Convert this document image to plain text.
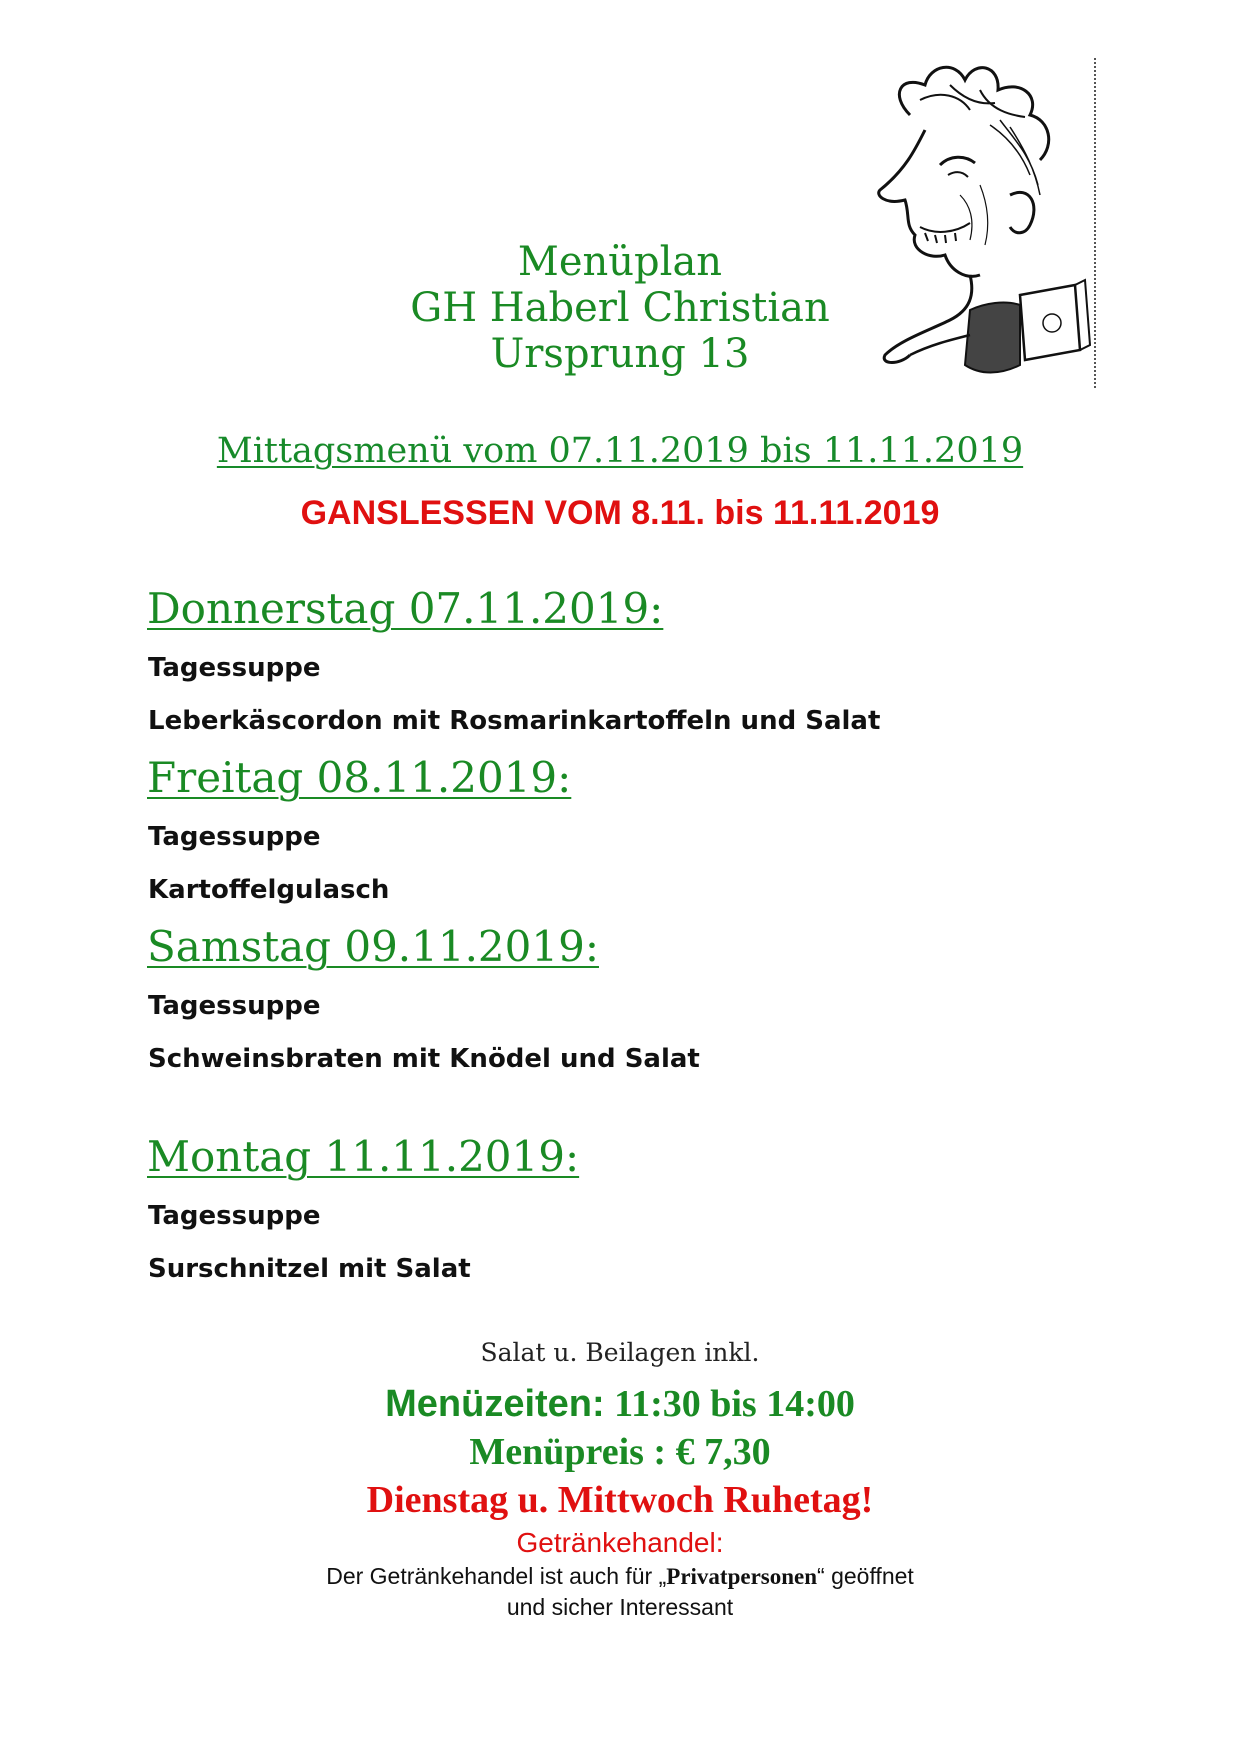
Menüplan
GH Haberl Christian
Ursprung 13
Mittagsmenü vom 07.11.2019 bis 11.11.2019
GANSLESSEN VOM 8.11. bis 11.11.2019
Donnerstag 07.11.2019:
Tagessuppe
Leberkäscordon mit Rosmarinkartoffeln und Salat
Freitag 08.11.2019:
Tagessuppe
Kartoffelgulasch
Samstag 09.11.2019:
Tagessuppe
Schweinsbraten mit Knödel und Salat
Montag 11.11.2019:
Tagessuppe
Surschnitzel mit Salat
Salat u. Beilagen inkl.
Menüzeiten: 11:30 bis 14:00
Menüpreis : € 7,30
Dienstag u. Mittwoch Ruhetag!
Getränkehandel:
Der Getränkehandel ist auch für „Privatpersonen“ geöffnet
und sicher Interessant
